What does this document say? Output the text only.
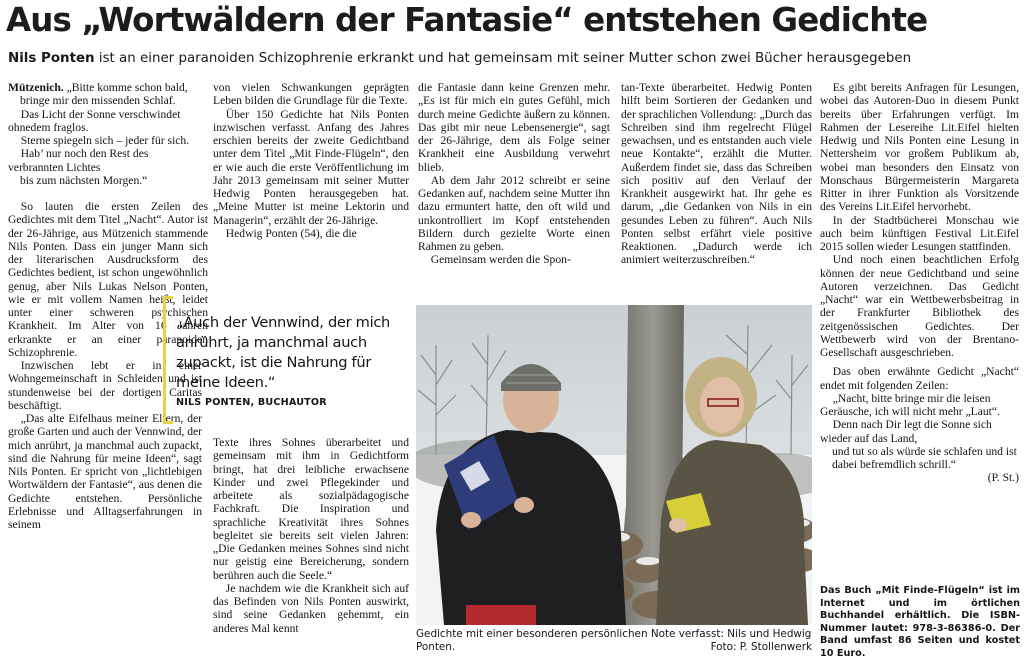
Aus „Wortwäldern der Fantasie“ entstehen Gedichte
Nils Ponten ist an einer paranoiden Schizophrenie erkrankt und hat gemeinsam mit seiner Mutter schon zwei Bücher herausgegeben

Mützenich. „Bitte komme schon bald,

bringe mir den missenden Schlaf.

Das Licht der Sonne verschwindet ohnedem fraglos.

Sterne spiegeln sich – jeder für sich.

Hab’ nur noch den Rest des verbrannten Lichtes

bis zum nächsten Morgen.“

So lauten die ersten Zeilen des Gedichtes mit dem Titel „Nacht“. Autor ist der 26-Jährige, aus Mützenich stammende Nils Ponten. Dass ein junger Mann sich der literarischen Ausdrucksform des Gedichtes bedient, ist schon ungewöhnlich genug, aber Nils Lukas Nelson Ponten, wie er mit vollem Namen heißt, leidet unter einer schweren psychischen Krankheit. Im Alter von 16 Jahren erkrankte er an einer paranoiden Schizophrenie.

Inzwischen lebt er in einer Wohngemeinschaft in Schleiden und ist stundenweise bei der dortigen Caritas beschäftigt.

„Das alte Eifelhaus meiner Eltern, der große Garten und auch der Vennwind, der mich anrührt, ja manchmal auch zupackt, sind die Nahrung für meine Ideen“, sagt Nils Ponten. Er spricht von „lichtlebigen Wortwäldern der Fantasie“, aus denen die Gedichte entstehen. Persönliche Erlebnisse und Alltagserfahrungen in seinem

von vielen Schwankungen geprägten Leben bilden die Grundlage für die Texte.

Über 150 Gedichte hat Nils Ponten inzwischen verfasst. Anfang des Jahres erschien bereits der zweite Gedichtband unter dem Titel „Mit Finde-Flügeln“, den er wie auch die erste Veröffentlichung im Jahr 2013 gemeinsam mit seiner Mutter Hedwig Ponten herausgegeben hat. „Meine Mutter ist meine Lektorin und Managerin“, erzählt der 26-Jährige.

Hedwig Ponten (54), die die

„Auch der Vennwind, der mich anrührt, ja manchmal auch zupackt, ist die Nahrung für meine Ideen.“
NILS PONTEN, BUCHAUTOR

Texte ihres Sohnes überarbeitet und gemeinsam mit ihm in Gedichtform bringt, hat drei leibliche erwachsene Kinder und zwei Pflegekinder und arbeitete als sozialpädagogische Fachkraft. Die Inspiration und sprachliche Kreativität ihres Sohnes begleitet sie bereits seit vielen Jahren: „Die Gedanken meines Sohnes sind nicht nur geistig eine Bereicherung, sondern berühren auch die Seele.“

Je nachdem wie die Krankheit sich auf das Befinden von Nils Ponten auswirkt, sind seine Gedanken gehemmt, ein anderes Mal kennt

die Fantasie dann keine Grenzen mehr. „Es ist für mich ein gutes Gefühl, mich durch meine Gedichte äußern zu können. Das gibt mir neue Lebensenergie“, sagt der 26-Jährige, dem als Folge seiner Krankheit eine Ausbildung verwehrt blieb.

Ab dem Jahr 2012 schreibt er seine Gedanken auf, nachdem seine Mutter ihn dazu ermuntert hatte, den oft wild und unkontrolliert im Kopf entstehenden Bildern durch gezielte Worte einen Rahmen zu geben.

Gemeinsam werden die Spon-

tan-Texte überarbeitet. Hedwig Ponten hilft beim Sortieren der Gedanken und der sprachlichen Vollendung: „Durch das Schreiben sind ihm regelrecht Flügel gewachsen, und es entstanden auch viele neue Kontakte“, erzählt die Mutter. Außerdem findet sie, dass das Schreiben sich positiv auf den Verlauf der Krankheit ausgewirkt hat. Ihr gehe es darum, „die Gedanken von Nils in ein gesundes Leben zu führen“. Auch Nils Ponten selbst erfährt viele positive Reaktionen. „Dadurch werde ich animiert weiterzuschreiben.“

Gedichte mit einer besonderen persönlichen Note verfasst: Nils und Hedwig Ponten.	Foto: P. Stollenwerk

Es gibt bereits Anfragen für Lesungen, wobei das Autoren-Duo in diesem Punkt bereits über Erfahrungen verfügt. Im Rahmen der Lesereihe Lit.Eifel hielten Hedwig und Nils Ponten eine Lesung in Nettersheim vor großem Publikum ab, wobei man besonders den Einsatz von Monschaus Bürgermeisterin Margareta Ritter in ihrer Funktion als Vorsitzende des Vereins Lit.Eifel hervorhebt.

In der Stadtbücherei Monschau wie auch beim künftigen Festival Lit.Eifel 2015 sollen wieder Lesungen stattfinden.

Und noch einen beachtlichen Erfolg können der neue Gedichtband und seine Autoren verzeichnen. Das Gedicht „Nacht“ war ein Wettbewerbsbeitrag in der Frankfurter Bibliothek des zeitgenössischen Gedichtes. Der Wettbewerb wird von der Brentano-Gesellschaft ausgeschrieben.

Das oben erwähnte Gedicht „Nacht“ endet mit folgenden Zeilen:

„Nacht, bitte bringe mir die leisen Geräusche, ich will nicht mehr „Laut“.

Denn nach Dir legt die Sonne sich wieder auf das Land,

und tut so als würde sie schlafen und ist dabei befremdlich schrill.“

(P. St.)

Das Buch „Mit Finde-Flügeln“ ist im Internet und im örtlichen Buchhandel erhältlich. Die ISBN-Nummer lautet: 978-3-86386-0. Der Band umfast 86 Seiten und kostet 10 Euro.
